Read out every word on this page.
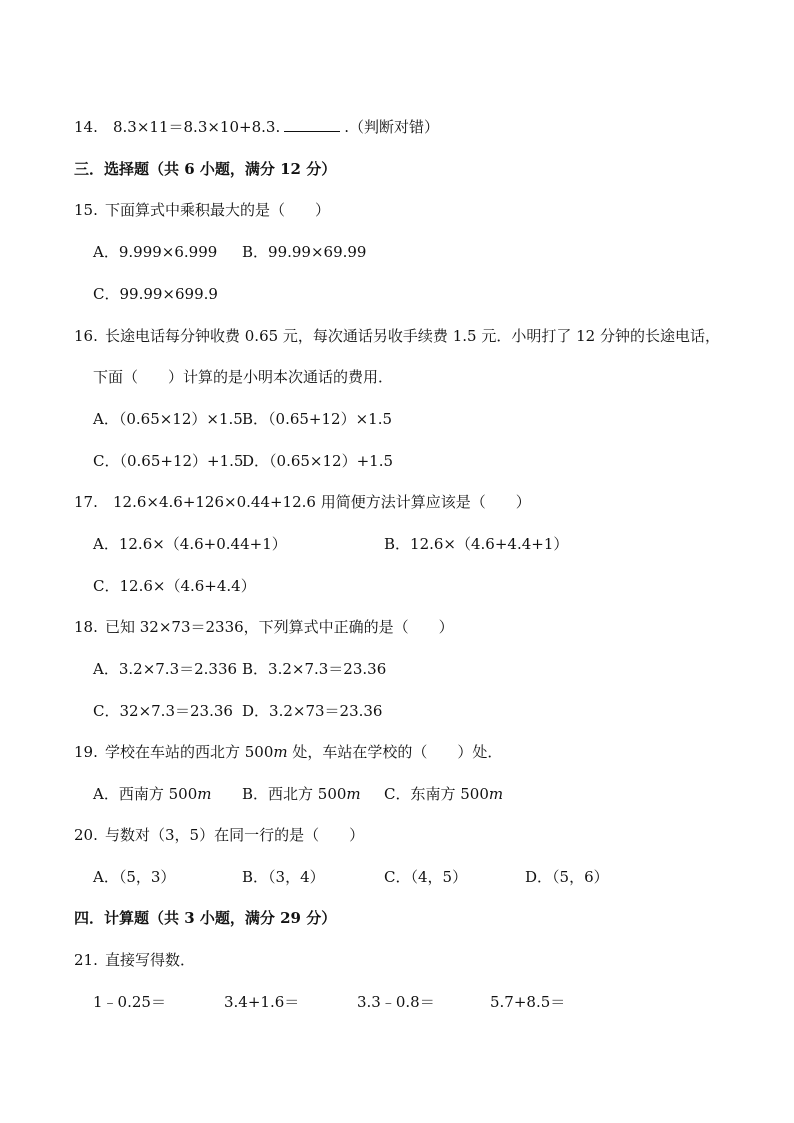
14. 8.3×11＝8.3×10+8.3.	.（判断对错）
三．选择题（共 6 小题，满分 12 分）
15. 下面算式中乘积最大的是（　　）
A．9.999×6.999 B．99.99×69.99
C．99.99×699.9
16. 长途电话每分钟收费 0.65 元，每次通话另收手续费 1.5 元．小明打了 12 分钟的长途电话，
下面（　　）计算的是小明本次通话的费用．
A．（0.65×12）×1.5 B．（0.65+12）×1.5
C．（0.65+12）+1.5
D．（0.65×12）+1.5
17. 12.6×4.6+126×0.44+12.6 用简便方法计算应该是（　　）
A．12.6×（4.6+0.44+1）	B．12.6×（4.6+4.4+1）
C．12.6×（4.6+4.4）
18. 已知 32×73＝2336，下列算式中正确的是（　　）
A．3.2×7.3＝2.336 B．3.2×7.3＝23.36
C．32×7.3＝23.36 D．3.2×73＝23.36
19. 学校在车站的西北方 500m 处，车站在学校的（　　）处．
A．西南方 500m B．西北方 500m C．东南方 500m
20. 与数对（3，5）在同一行的是（　　）
A．（5，3）	B．（3，4）	C．（4，5）	D．（5，6）
四．计算题（共 3 小题，满分 29 分）
21. 直接写得数．
1﹣0.25＝	3.4+1.6＝	3.3﹣0.8＝	5.7+8.5＝
